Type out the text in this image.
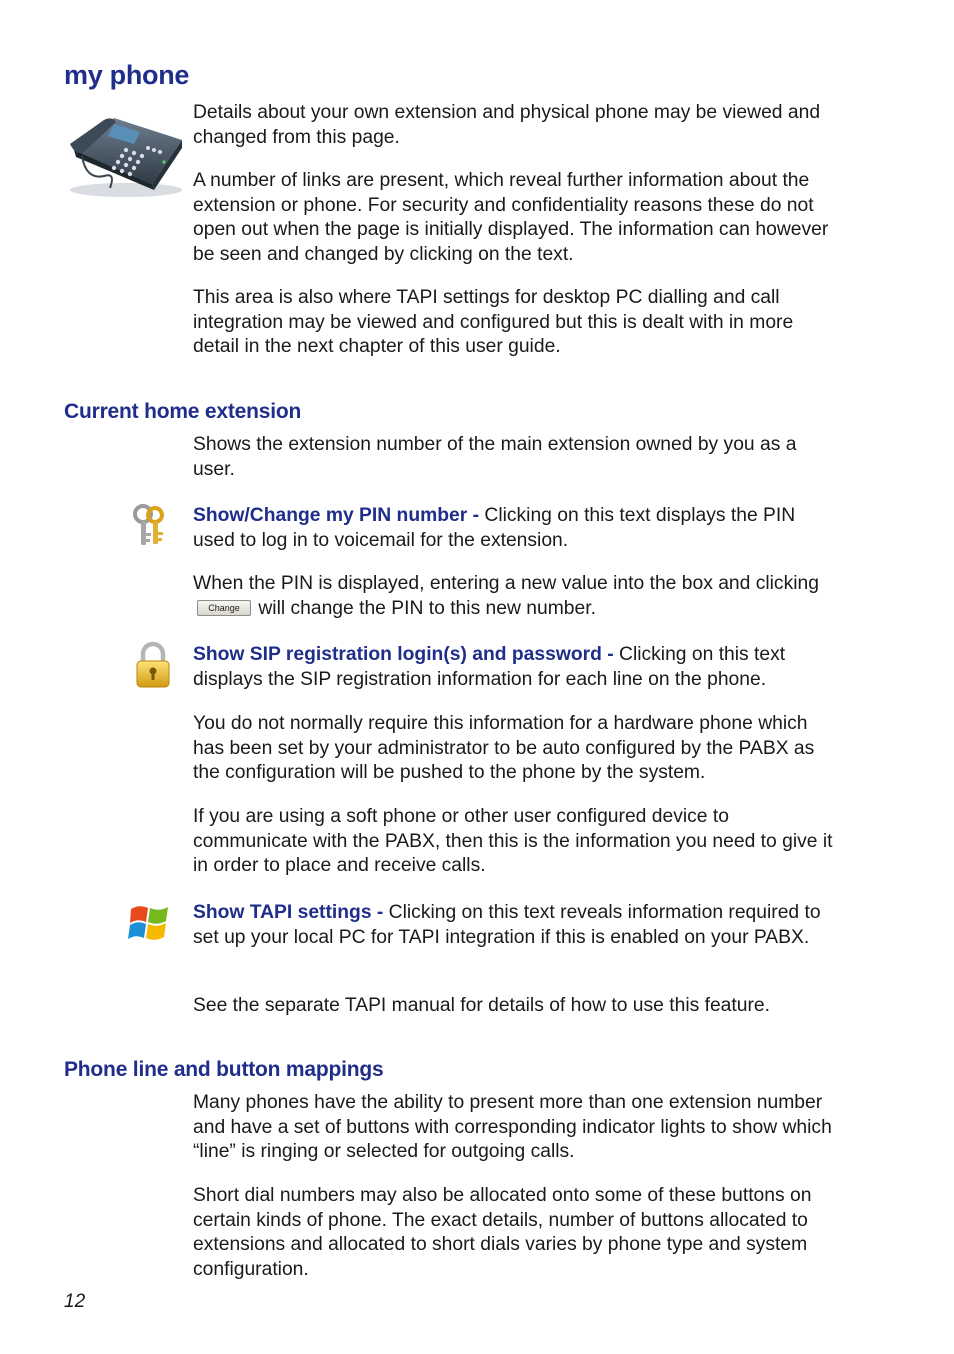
my phone

Details about your own extension and physical phone may be viewed and changed from this page.

A number of links are present, which reveal further information about the extension or phone. For security and confidentiality reasons these do not open out when the page is initially displayed. The information can however be seen and changed by clicking on the text.

This area is also where TAPI settings for desktop PC dialling and call integration may be viewed and configured but this is dealt with in more detail in the next chapter of this user guide.

Current home extension

Shows the extension number of the main extension owned by you as a user.

Show/Change my PIN number - Clicking on this text displays the PIN used to log in to voicemail for the extension.

When the PIN is displayed, entering a new value into the box and clicking Change will change the PIN to this new number.

Show SIP registration login(s) and password - Clicking on this text displays the SIP registration information for each line on the phone.

You do not normally require this information for a hardware phone which has been set by your administrator to be auto configured by the PABX as the configuration will be pushed to the phone by the system.

If you are using a soft phone or other user configured device to communicate with the PABX, then this is the information you need to give it in order to place and receive calls.

Show TAPI settings - Clicking on this text reveals information required to set up your local PC for TAPI integration if this is enabled on your PABX.

See the separate TAPI manual for details of how to use this feature.

Phone line and button mappings

Many phones have the ability to present more than one extension number and have a set of buttons with corresponding indicator lights to show which “line” is ringing or selected for outgoing calls.

Short dial numbers may also be allocated onto some of these buttons on certain kinds of phone. The exact details, number of buttons allocated to extensions and allocated to short dials varies by phone type and system configuration.

12
